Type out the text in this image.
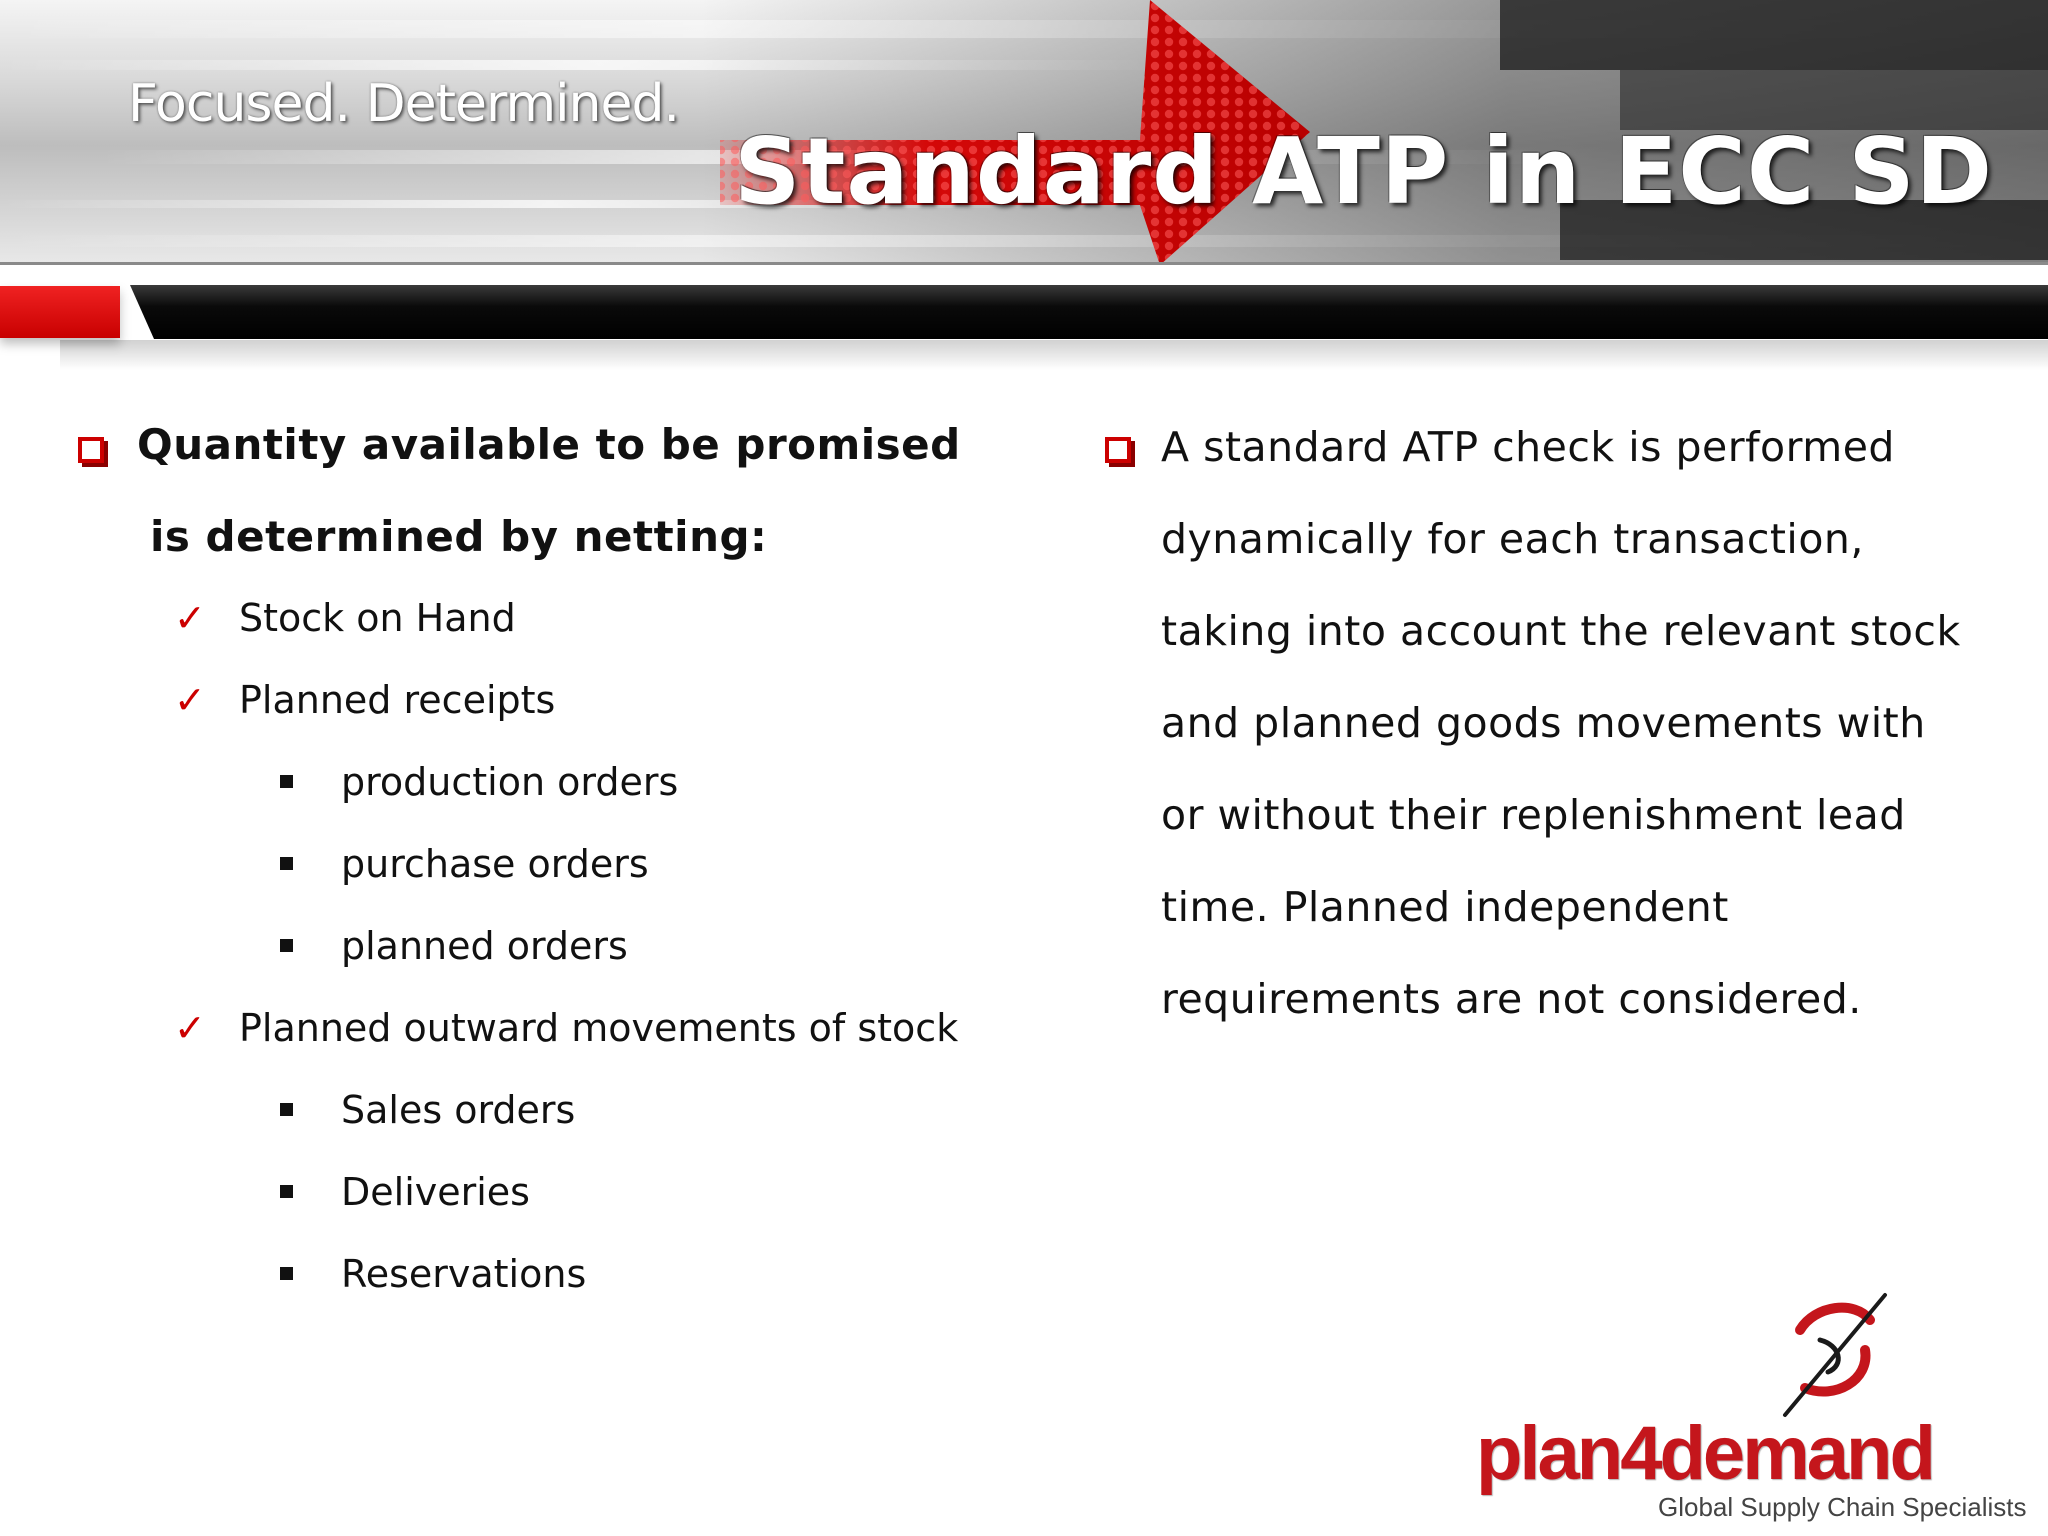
Focused. Determined.
Standard ATP in ECC SD
Quantity available to be promised
is determined by netting:
✓ Stock on Hand
✓ Planned receipts
production orders
purchase orders
planned orders
✓ Planned outward movements of stock
Sales orders
Deliveries
Reservations
A standard ATP check is performed
dynamically for each transaction,
taking into account the relevant stock
and planned goods movements with
or without their replenishment lead
time. Planned independent
requirements are not considered.
plan4demand
Global Supply Chain Specialists
